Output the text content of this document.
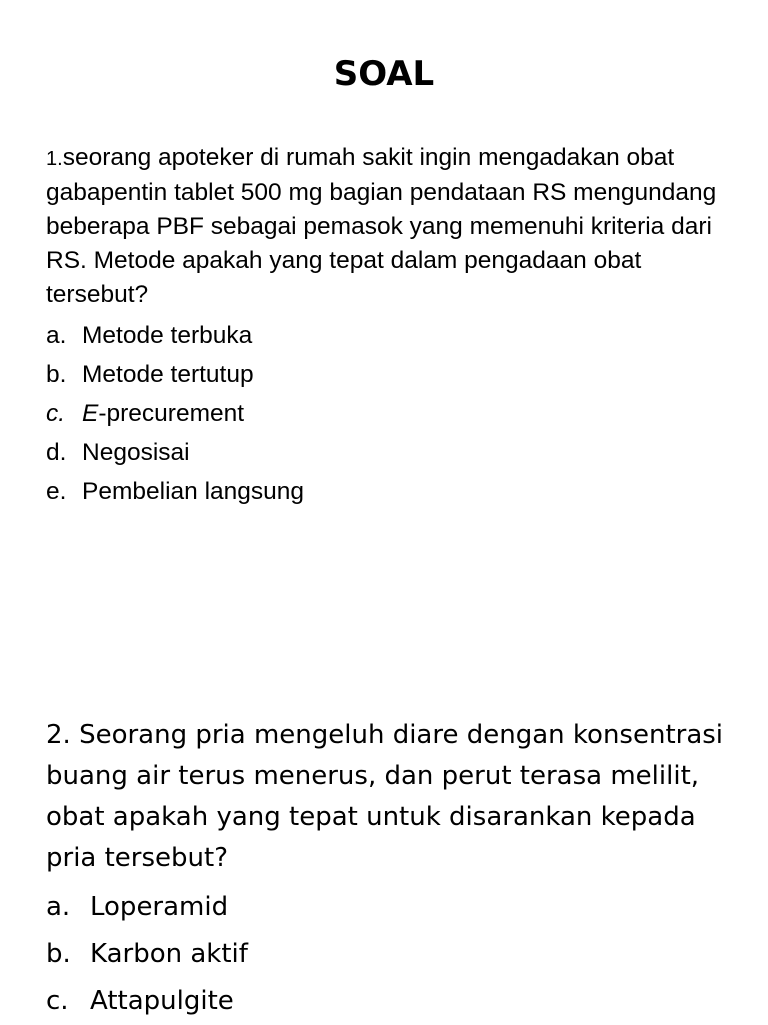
SOAL

1.seorang apoteker di rumah sakit ingin mengadakan obat gabapentin tablet 500 mg bagian pendataan RS mengundang beberapa PBF sebagai pemasok yang memenuhi kriteria dari RS. Metode apakah yang tepat dalam pengadaan obat tersebut?

a. Metode terbuka
b. Metode tertutup
c. E-precurement
d. Negosisai
e. Pembelian langsung

2. Seorang pria mengeluh diare dengan konsentrasi buang air terus menerus, dan perut terasa melilit, obat apakah yang tepat untuk disarankan kepada pria tersebut?

a. Loperamid
b. Karbon aktif
c. Attapulgite
